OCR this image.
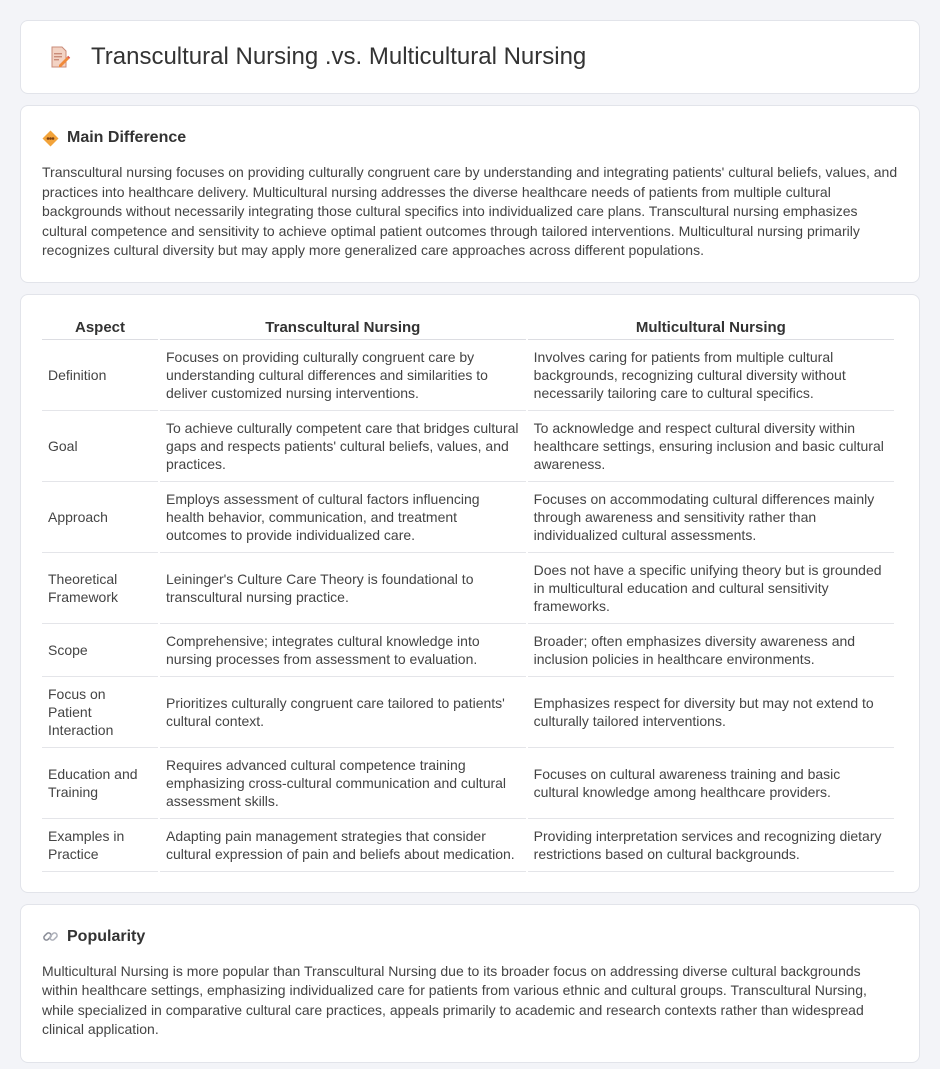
Transcultural Nursing .vs. Multicultural Nursing
Main Difference

Transcultural nursing focuses on providing culturally congruent care by understanding and integrating patients' cultural beliefs, values, and practices into healthcare delivery. Multicultural nursing addresses the diverse healthcare needs of patients from multiple cultural backgrounds without necessarily integrating those cultural specifics into individualized care plans. Transcultural nursing emphasizes cultural competence and sensitivity to achieve optimal patient outcomes through tailored interventions. Multicultural nursing primarily recognizes cultural diversity but may apply more generalized care approaches across different populations.

Aspect	Transcultural Nursing	Multicultural Nursing
Definition	Focuses on providing culturally congruent care by understanding cultural differences and similarities to deliver customized nursing interventions.	Involves caring for patients from multiple cultural backgrounds, recognizing cultural diversity without necessarily tailoring care to cultural specifics.
Goal	To achieve culturally competent care that bridges cultural gaps and respects patients' cultural beliefs, values, and practices.	To acknowledge and respect cultural diversity within healthcare settings, ensuring inclusion and basic cultural awareness.
Approach	Employs assessment of cultural factors influencing health behavior, communication, and treatment outcomes to provide individualized care.	Focuses on accommodating cultural differences mainly through awareness and sensitivity rather than individualized cultural assessments.
Theoretical Framework	Leininger's Culture Care Theory is foundational to transcultural nursing practice.	Does not have a specific unifying theory but is grounded in multicultural education and cultural sensitivity frameworks.
Scope	Comprehensive; integrates cultural knowledge into nursing processes from assessment to evaluation.	Broader; often emphasizes diversity awareness and inclusion policies in healthcare environments.
Focus on Patient Interaction	Prioritizes culturally congruent care tailored to patients' cultural context.	Emphasizes respect for diversity but may not extend to culturally tailored interventions.
Education and Training	Requires advanced cultural competence training emphasizing cross-cultural communication and cultural assessment skills.	Focuses on cultural awareness training and basic cultural knowledge among healthcare providers.
Examples in Practice	Adapting pain management strategies that consider cultural expression of pain and beliefs about medication.	Providing interpretation services and recognizing dietary restrictions based on cultural backgrounds.
Popularity

Multicultural Nursing is more popular than Transcultural Nursing due to its broader focus on addressing diverse cultural backgrounds within healthcare settings, emphasizing individualized care for patients from various ethnic and cultural groups. Transcultural Nursing, while specialized in comparative cultural care practices, appeals primarily to academic and research contexts rather than widespread clinical application.
